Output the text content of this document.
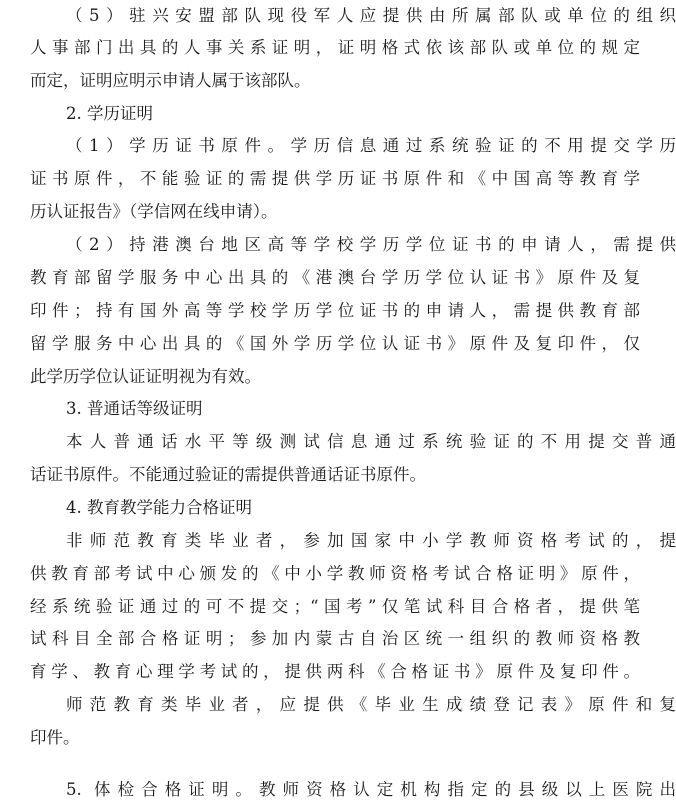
（5）驻兴安盟部队现役军人应提供由所属部队或单位的组织
人事部门出具的人事关系证明，证明格式依该部队或单位的规定
而定，证明应明示申请人属于该部队。
2. 学历证明
（1）学历证书原件。学历信息通过系统验证的不用提交学历
证书原件，不能验证的需提供学历证书原件和《中国高等教育学
历认证报告》（学信网在线申请）。
（2）持港澳台地区高等学校学历学位证书的申请人，需提供
教育部留学服务中心出具的《港澳台学历学位认证书》原件及复
印件；持有国外高等学校学历学位证书的申请人，需提供教育部
留学服务中心出具的《国外学历学位认证书》原件及复印件，仅
此学历学位认证证明视为有效。
3. 普通话等级证明
本人普通话水平等级测试信息通过系统验证的不用提交普通
话证书原件。不能通过验证的需提供普通话证书原件。
4. 教育教学能力合格证明
非师范教育类毕业者，参加国家中小学教师资格考试的，提
供教育部考试中心颁发的《中小学教师资格考试合格证明》原件，
经系统验证通过的可不提交；“国考”仅笔试科目合格者，提供笔
试科目全部合格证明；参加内蒙古自治区统一组织的教师资格教
育学、教育心理学考试的，提供两科《合格证书》原件及复印件。
师范教育类毕业者，应提供《毕业生成绩登记表》原件和复
印件。
5. 体检合格证明。教师资格认定机构指定的县级以上医院出
